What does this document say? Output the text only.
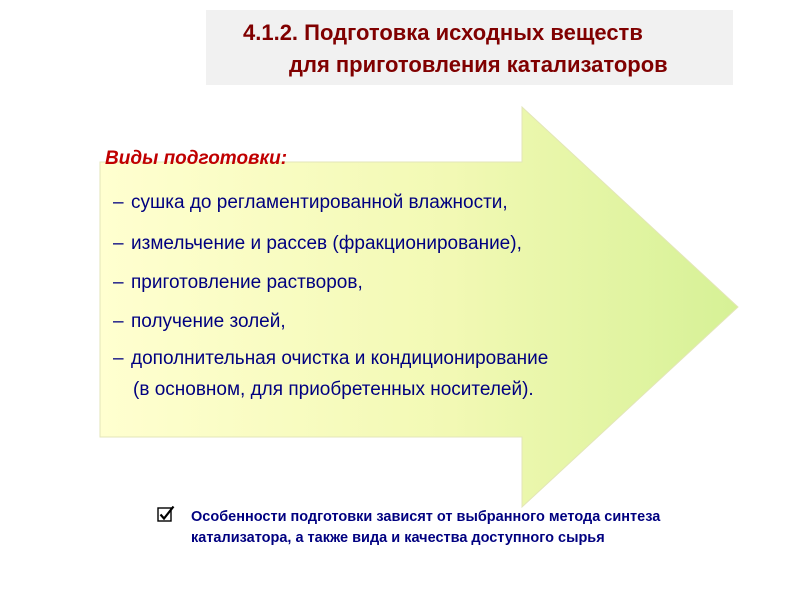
4.1.2. Подготовка исходных веществ
для приготовления катализаторов
Виды подготовки:
– сушка до регламентированной влажности,
– измельчение и рассев (фракционирование),
– приготовление растворов,
– получение золей,
– дополнительная очистка и кондиционирование
(в основном, для приобретенных носителей).
Особенности подготовки зависят от выбранного метода синтеза катализатора, а также вида и качества доступного сырья
